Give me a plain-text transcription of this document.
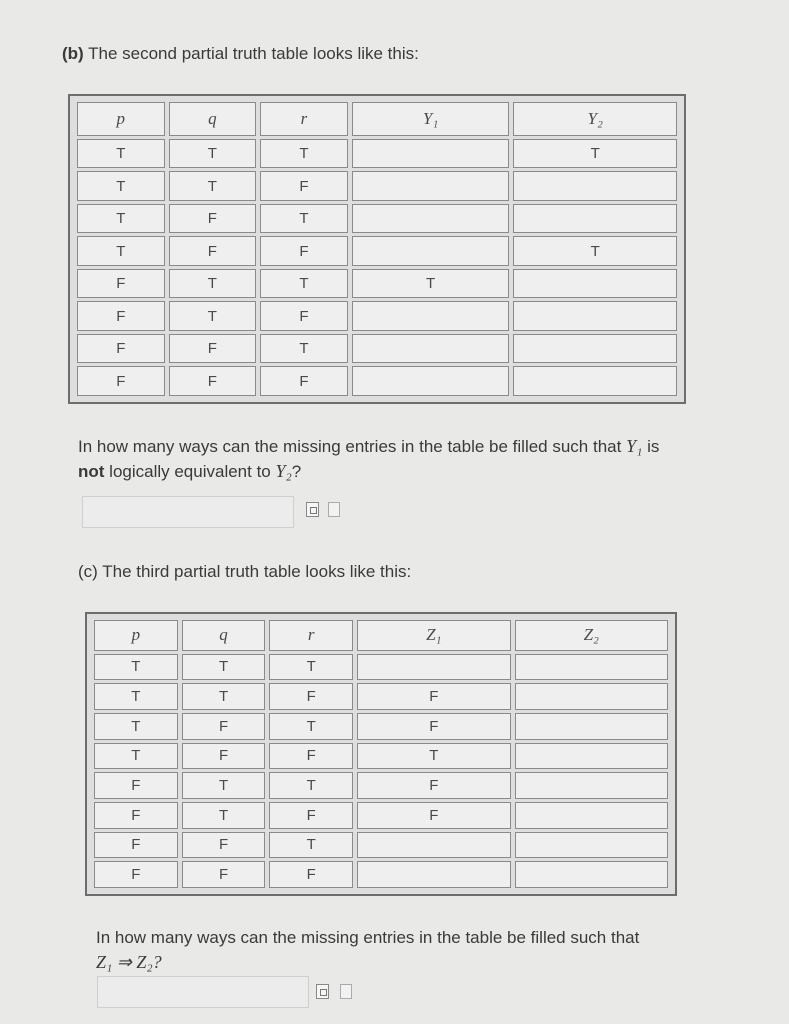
(b) The second partial truth table looks like this:
p	q	r	Y₁	Y₂
T	T	T		T
T	T	F		
T	F	T		
T	F	F		T
F	T	T	T	
F	T	F		
F	F	T		
F	F	F		
In how many ways can the missing entries in the table be filled such that Y₁ is
not logically equivalent to Y₂?
(c) The third partial truth table looks like this:
p	q	r	Z₁	Z₂
T	T	T		
T	T	F	F	
T	F	T	F	
T	F	F	T	
F	T	T	F	
F	T	F	F	
F	F	T		
F	F	F		
In how many ways can the missing entries in the table be filled such that
Z₁ ⇒ Z₂?
